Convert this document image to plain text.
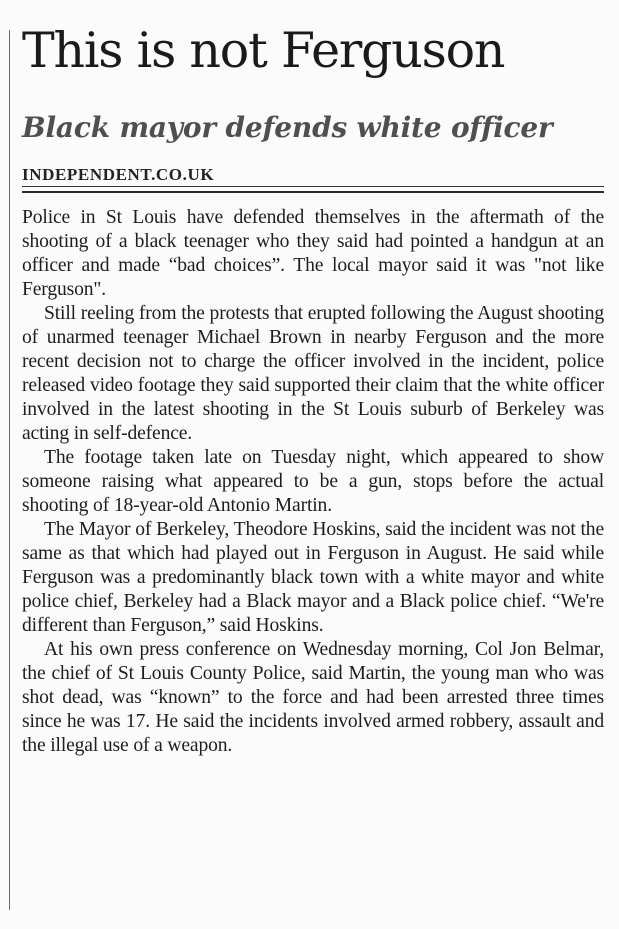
This is not Ferguson
Black mayor defends white officer
INDEPENDENT.CO.UK

Police in St Louis have defended themselves in the aftermath of the shooting of a black teenager who they said had pointed a handgun at an officer and made “bad choices”. The local mayor said it was "not like Ferguson".

Still reeling from the protests that erupted following the August shooting of unarmed teenager Michael Brown in nearby Ferguson and the more recent decision not to charge the officer involved in the incident, police released video footage they said supported their claim that the white officer involved in the latest shooting in the St Louis suburb of Berkeley was acting in self-defence.

The footage taken late on Tuesday night, which appeared to show someone raising what appeared to be a gun, stops before the actual shooting of 18-year-old Antonio Martin.

The Mayor of Berkeley, Theodore Hoskins, said the incident was not the same as that which had played out in Ferguson in August. He said while Ferguson was a predominantly black town with a white mayor and white police chief, Berkeley had a Black mayor and a Black police chief. “We're different than Ferguson,” said Hoskins.

At his own press conference on Wednesday morning, Col Jon Belmar, the chief of St Louis County Police, said Martin, the young man who was shot dead, was “known” to the force and had been arrested three times since he was 17. He said the incidents involved armed robbery, assault and the illegal use of a weapon.
